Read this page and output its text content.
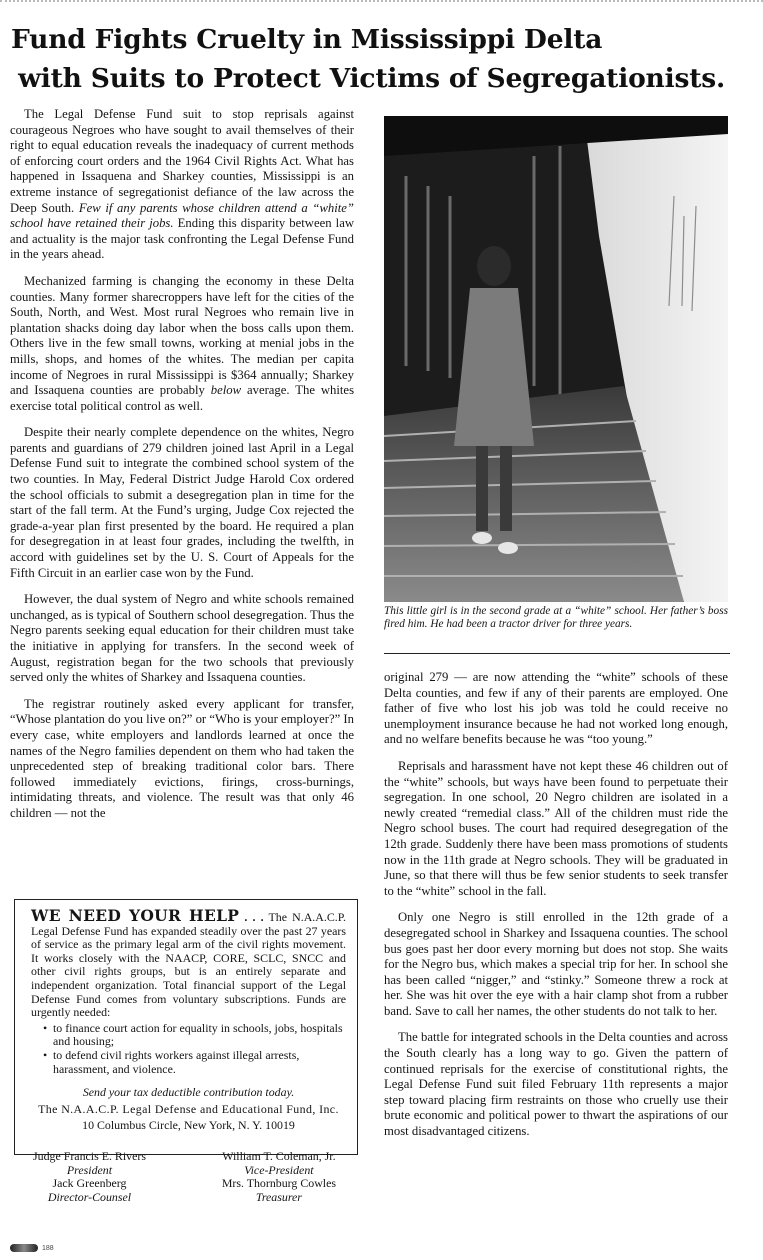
Fund Fights Cruelty in Mississippi Delta
with Suits to Protect Victims of Segregationists.

The Legal Defense Fund suit to stop reprisals against courageous Negroes who have sought to avail themselves of their right to equal education reveals the inadequacy of current methods of enforcing court orders and the 1964 Civil Rights Act. What has happened in Issaquena and Sharkey counties, Mississippi is an extreme instance of segregationist defiance of the law across the Deep South. Few if any parents whose children attend a “white” school have retained their jobs. Ending this disparity between law and actuality is the major task confronting the Legal Defense Fund in the years ahead.

Mechanized farming is changing the economy in these Delta counties. Many former sharecroppers have left for the cities of the South, North, and West. Most rural Negroes who remain live in plantation shacks doing day labor when the boss calls upon them. Others live in the few small towns, working at menial jobs in the mills, shops, and homes of the whites. The median per capita income of Negroes in rural Mississippi is $364 annually; Sharkey and Issaquena counties are probably below average. The whites exercise total political control as well.

Despite their nearly complete dependence on the whites, Negro parents and guardians of 279 children joined last April in a Legal Defense Fund suit to integrate the combined school system of the two counties. In May, Federal District Judge Harold Cox ordered the school officials to submit a desegregation plan in time for the start of the fall term. At the Fund’s urging, Judge Cox rejected the grade-a-year plan first presented by the board. He required a plan for desegregation in at least four grades, including the twelfth, in accord with guidelines set by the U. S. Court of Appeals for the Fifth Circuit in an earlier case won by the Fund.

However, the dual system of Negro and white schools remained unchanged, as is typical of Southern school desegregation. Thus the Negro parents seeking equal education for their children must take the initiative in applying for transfers. In the second week of August, registration began for the two schools that previously served only the whites of Sharkey and Issaquena counties.

The registrar routinely asked every applicant for transfer, “Whose plantation do you live on?” or “Who is your employer?” In every case, white employers and landlords learned at once the names of the Negro families dependent on them who had taken the unprecedented step of breaking traditional color bars. There followed immediately evictions, firings, cross-burnings, intimidating threats, and violence. The result was that only 46 children — not the

This little girl is in the second grade at a “white” school. Her father’s boss fired him. He had been a tractor driver for three years.

original 279 — are now attending the “white” schools of these Delta counties, and few if any of their parents are employed. One father of five who lost his job was told he could receive no unemployment insurance because he had not worked long enough, and no welfare benefits because he was “too young.”

Reprisals and harassment have not kept these 46 children out of the “white” schools, but ways have been found to perpetuate their segregation. In one school, 20 Negro children are isolated in a newly created “remedial class.” All of the children must ride the Negro school buses. The court had required desegregation of the 12th grade. Suddenly there have been mass promotions of students now in the 11th grade at Negro schools. They will be graduated in June, so that there will thus be few senior students to seek transfer to the “white” school in the fall.

Only one Negro is still enrolled in the 12th grade of a desegregated school in Sharkey and Issaquena counties. The school bus goes past her door every morning but does not stop. She waits for the Negro bus, which makes a special trip for her. In school she has been called “nigger,” and “stinky.” Someone threw a rock at her. She was hit over the eye with a hair clamp shot from a rubber band. Save to call her names, the other students do not talk to her.

The battle for integrated schools in the Delta counties and across the South clearly has a long way to go. Given the pattern of continued reprisals for the exercise of constitutional rights, the Legal Defense Fund suit filed February 11th represents a major step toward placing firm restraints on those who cruelly use their brute economic and political power to thwart the aspirations of our most disadvantaged citizens.

WE NEED YOUR HELP . . . The N.A.A.C.P. Legal Defense Fund has expanded steadily over the past 27 years of service as the primary legal arm of the civil rights movement. It works closely with the NAACP, CORE, SCLC, SNCC and other civil rights groups, but is an entirely separate and independent organization. Total financial support of the Legal Defense Fund comes from voluntary subscriptions. Funds are urgently needed:

• to finance court action for equality in schools, jobs, hospitals and housing;
• to defend civil rights workers against illegal arrests, harassment, and violence.

Send your tax deductible contribution today.

The N.A.A.C.P. Legal Defense and Educational Fund, Inc.

10 Columbus Circle, New York, N. Y. 10019

Judge Francis E. Rivers
President
Jack Greenberg
Director-Counsel
William T. Coleman, Jr.
Vice-President
Mrs. Thornburg Cowles
Treasurer
188
